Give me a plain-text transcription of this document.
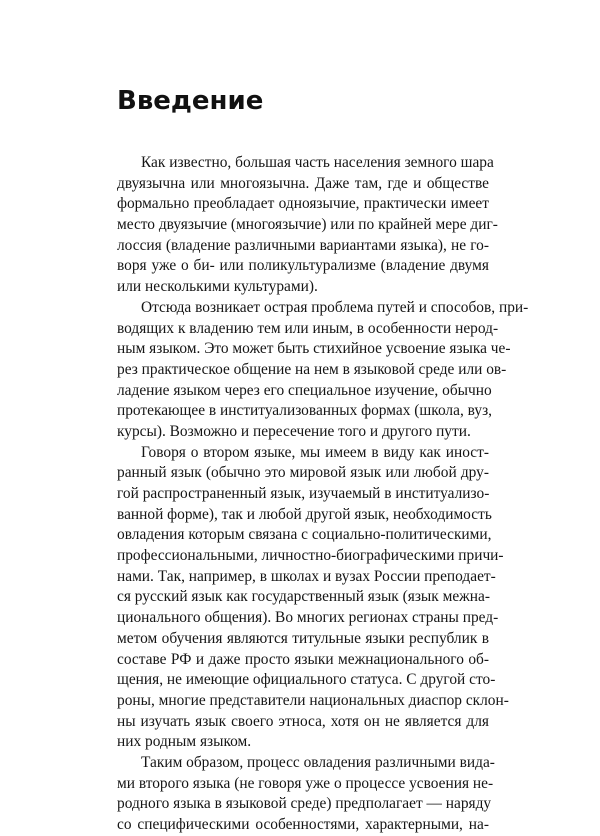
Введение
Как известно, большая часть населения земного шара
двуязычна или многоязычна. Даже там, где и обществе
формально преобладает одноязычие, практически имеет
место двуязычие (многоязычие) или по крайней мере диг-
лоссия (владение различными вариантами языка), не го-
воря уже о би- или поликультурализме (владение двумя
или несколькими культурами).
Отсюда возникает острая проблема путей и способов, при-
водящих к владению тем или иным, в особенности нерод-
ным языком. Это может быть стихийное усвоение языка че-
рез практическое общение на нем в языковой среде или ов-
ладение языком через его специальное изучение, обычно
протекающее в институализованных формах (школа, вуз,
курсы). Возможно и пересечение того и другого пути.
Говоря о втором языке, мы имеем в виду как иност-
ранный язык (обычно это мировой язык или любой дру-
гой распространенный язык, изучаемый в институализо-
ванной форме), так и любой другой язык, необходимость
овладения которым связана с социально-политическими,
профессиональными, личностно-биографическими причи-
нами. Так, например, в школах и вузах России преподает-
ся русский язык как государственный язык (язык межна-
ционального общения). Во многих регионах страны пред-
метом обучения являются титульные языки республик в
составе РФ и даже просто языки межнационального об-
щения, не имеющие официального статуса. С другой сто-
роны, многие представители национальных диаспор склон-
ны изучать язык своего этноса, хотя он не является для
них родным языком.
Таким образом, процесс овладения различными вида-
ми второго языка (не говоря уже о процессе усвоения не-
родного языка в языковой среде) предполагает — наряду
со специфическими особенностями, характерными, на-
